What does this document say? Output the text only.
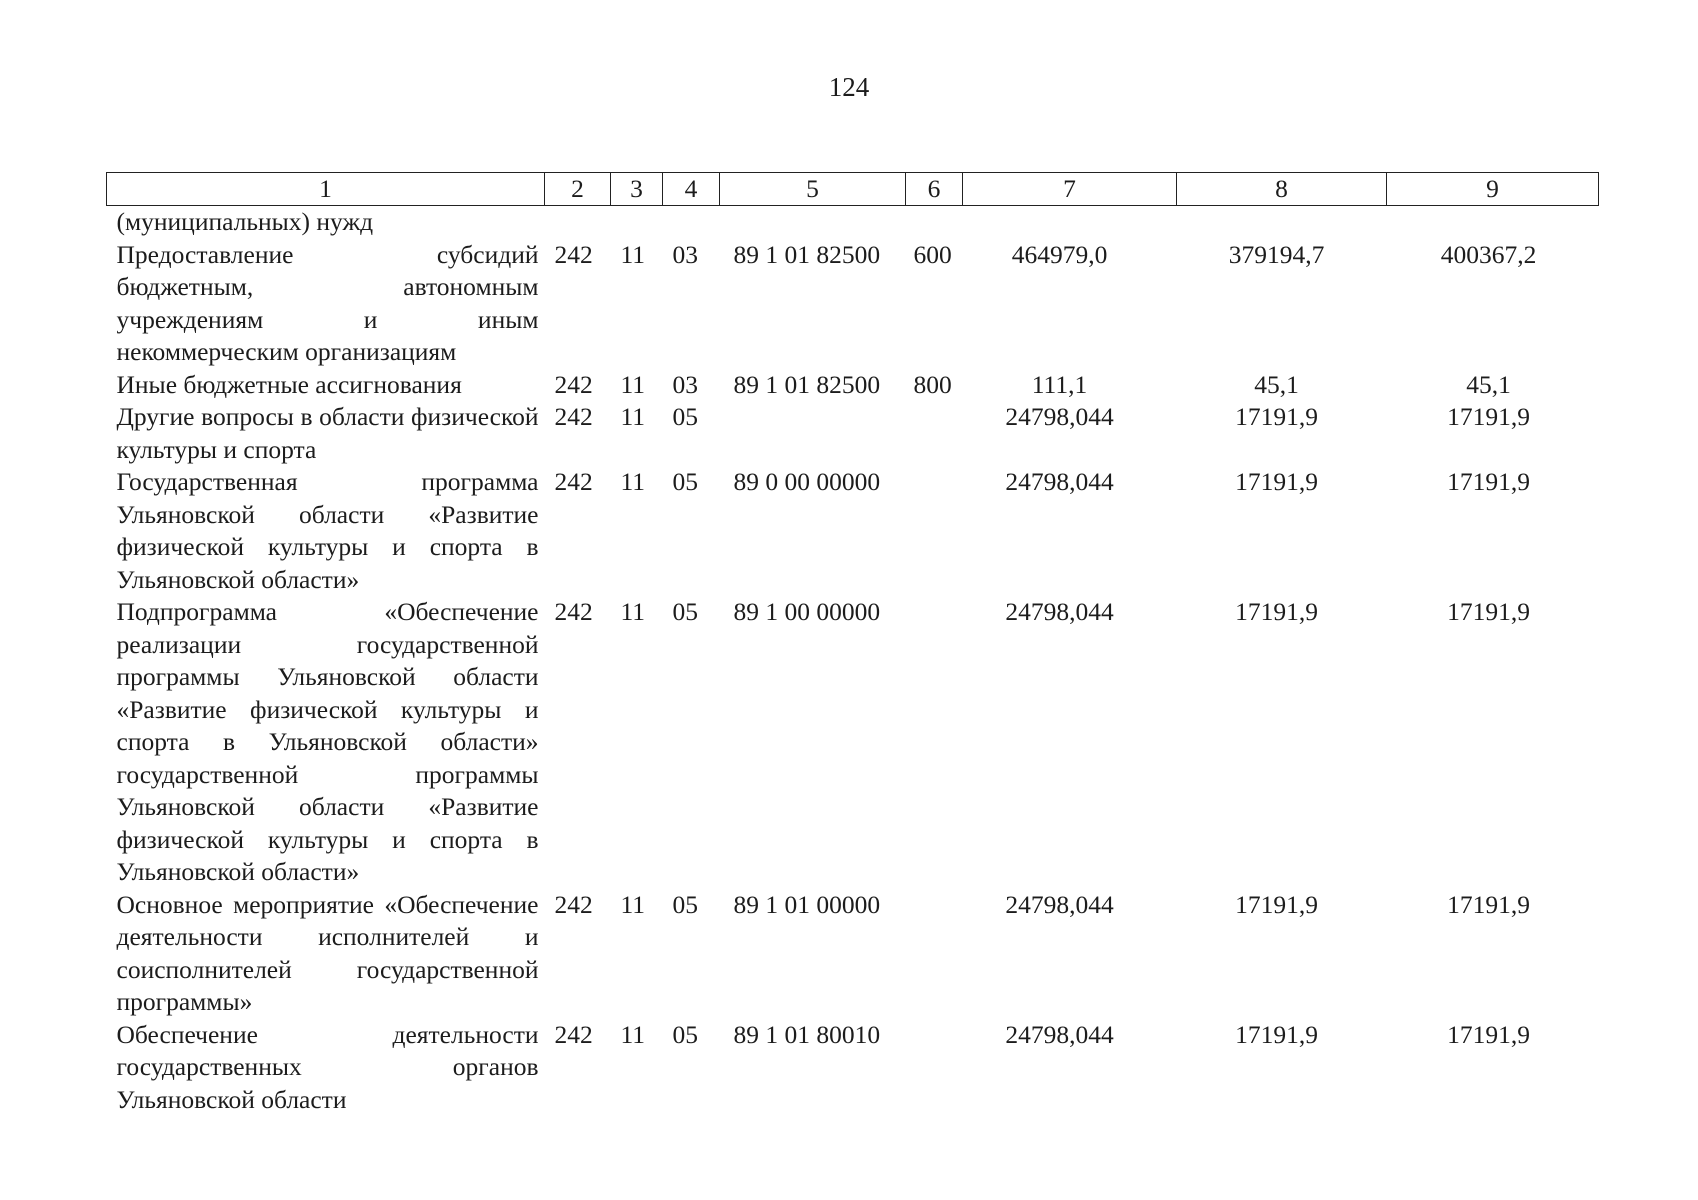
124
1	2	3	4	5	6	7	8	9
(муниципальных) нужд								
Предоставление субсидий бюджетным, автономным учреждениям и иным некоммерческим организациям	242	11	03	89 1 01 82500	600	464979,0	379194,7	400367,2
Иные бюджетные ассигнования	242	11	03	89 1 01 82500	800	111,1	45,1	45,1
Другие вопросы в области физической культуры и спорта	242	11	05			24798,044	17191,9	17191,9
Государственная программа Ульяновской области «Развитие физической культуры и спорта в Ульяновской области»	242	11	05	89 0 00 00000		24798,044	17191,9	17191,9
Подпрограмма «Обеспечение реализации государственной программы Ульяновской области «Развитие физической культуры и спорта в Ульяновской области» государственной программы Ульяновской области «Развитие физической культуры и спорта в Ульяновской области»	242	11	05	89 1 00 00000		24798,044	17191,9	17191,9
Основное мероприятие «Обеспечение деятельности исполнителей и соисполнителей государственной программы»	242	11	05	89 1 01 00000		24798,044	17191,9	17191,9
Обеспечение деятельности государственных органов Ульяновской области	242	11	05	89 1 01 80010		24798,044	17191,9	17191,9
